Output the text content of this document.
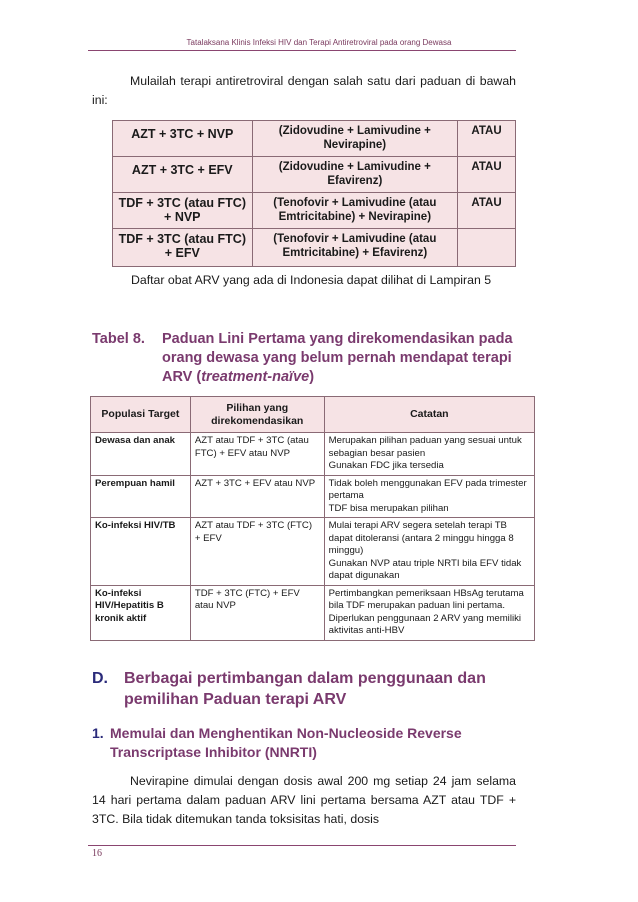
Tatalaksana Klinis Infeksi HIV dan Terapi Antiretroviral pada orang Dewasa
Mulailah terapi antiretroviral dengan salah satu dari paduan di bawah ini:
AZT + 3TC + NVP	(Zidovudine + Lamivudine + Nevirapine)	ATAU
AZT + 3TC + EFV	(Zidovudine + Lamivudine + Efavirenz)	ATAU
TDF + 3TC (atau FTC) + NVP	(Tenofovir + Lamivudine (atau Emtricitabine) + Nevirapine)	ATAU
TDF + 3TC (atau FTC) + EFV	(Tenofovir + Lamivudine (atau Emtricitabine) + Efavirenz)	
Daftar obat ARV yang ada di Indonesia dapat dilihat di Lampiran 5
Tabel 8. Paduan Lini Pertama yang direkomendasikan pada orang dewasa yang belum pernah mendapat terapi ARV (treatment-naïve)
Populasi Target	Pilihan yang direkomendasikan	Catatan
Dewasa dan anak	AZT atau TDF + 3TC (atau FTC) + EFV atau NVP	Merupakan pilihan paduan yang sesuai untuk sebagian besar pasien
Gunakan FDC jika tersedia

Perempuan hamil	AZT + 3TC + EFV atau NVP	Tidak boleh menggunakan EFV pada trimester pertama
TDF bisa merupakan pilihan

Ko-infeksi HIV/TB	AZT atau TDF + 3TC (FTC) + EFV	Mulai terapi ARV segera setelah terapi TB dapat ditoleransi (antara 2 minggu hingga 8 minggu)
Gunakan NVP atau triple NRTI bila EFV tidak dapat digunakan

Ko-infeksi HIV/Hepatitis B kronik aktif	TDF + 3TC (FTC) + EFV atau NVP	Pertimbangkan pemeriksaan HBsAg terutama bila TDF merupakan paduan lini pertama. Diperlukan penggunaan 2 ARV yang memiliki aktivitas anti-HBV
D. Berbagai pertimbangan dalam penggunaan dan pemilihan Paduan terapi ARV
1. Memulai dan Menghentikan Non-Nucleoside Reverse Transcriptase Inhibitor (NNRTI)
Nevirapine dimulai dengan dosis awal 200 mg setiap 24 jam selama 14 hari pertama dalam paduan ARV lini pertama bersama AZT atau TDF + 3TC. Bila tidak ditemukan tanda toksisitas hati, dosis
16
